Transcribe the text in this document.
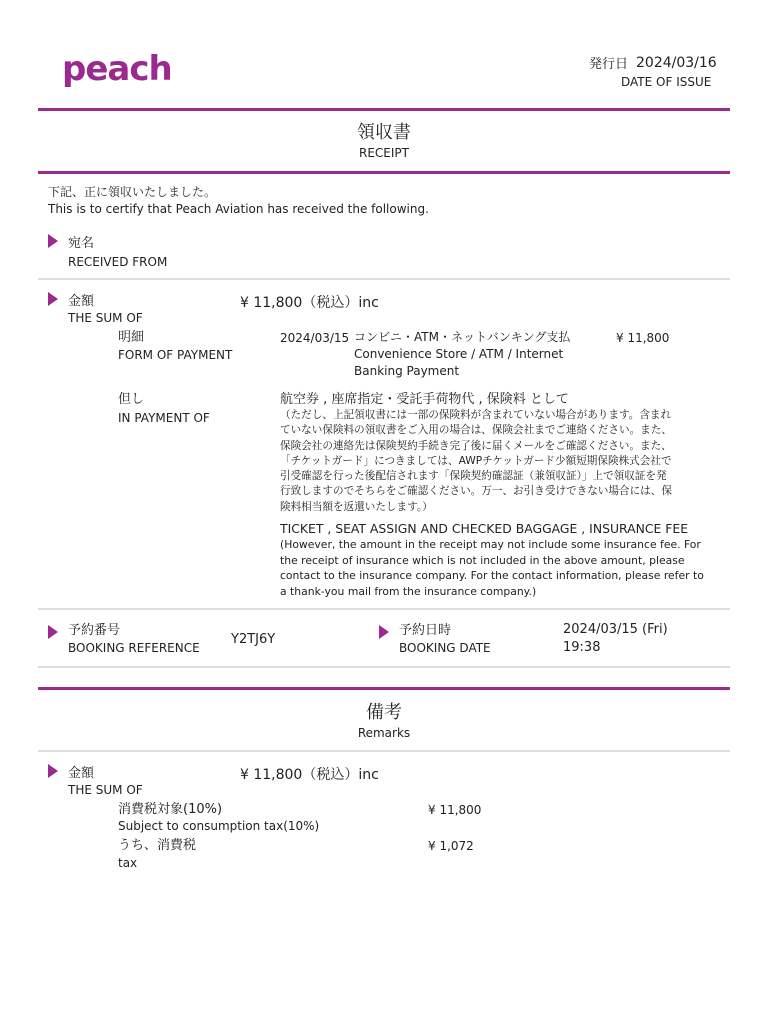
peach	発行日 2024/03/16
DATE OF ISSUE
領収書
RECEIPT
下記、正に領収いたしました。
This is to certify that Peach Aviation has received the following.
宛名
RECEIVED FROM
金額
THE SUM OF
¥ 11,800（税込）inc
明細
FORM OF PAYMENT
2024/03/15 コンビニ・ATM・ネットバンキング支払
Convenience Store / ATM / Internet
Banking Payment
¥ 11,800
但し
IN PAYMENT OF
航空券 , 座席指定・受託手荷物代 , 保険料 として
（ただし、上記領収書には一部の保険料が含まれていない場合があります。含まれ
ていない保険料の領収書をご入用の場合は、保険会社までご連絡ください。また、
保険会社の連絡先は保険契約手続き完了後に届くメールをご確認ください。また、
「チケットガード」につきましては、AWPチケットガード少額短期保険株式会社で
引受確認を行った後配信されます「保険契約確認証（兼領収証）」上で領収証を発
行致しますのでそちらをご確認ください。万一、お引き受けできない場合には、保
険料相当額を返還いたします。）
TICKET , SEAT ASSIGN AND CHECKED BAGGAGE , INSURANCE FEE
(However, the amount in the receipt may not include some insurance fee. For
the receipt of insurance which is not included in the above amount, please
contact to the insurance company. For the contact information, please refer to
a thank-you mail from the insurance company.)
予約番号
BOOKING REFERENCE
Y2TJ6Y
予約日時
BOOKING DATE
2024/03/15 (Fri)
19:38
備考
Remarks
金額
THE SUM OF
¥ 11,800（税込）inc
消費税対象(10%)
Subject to consumption tax(10%)
¥ 11,800
うち、消費税
tax
¥ 1,072
